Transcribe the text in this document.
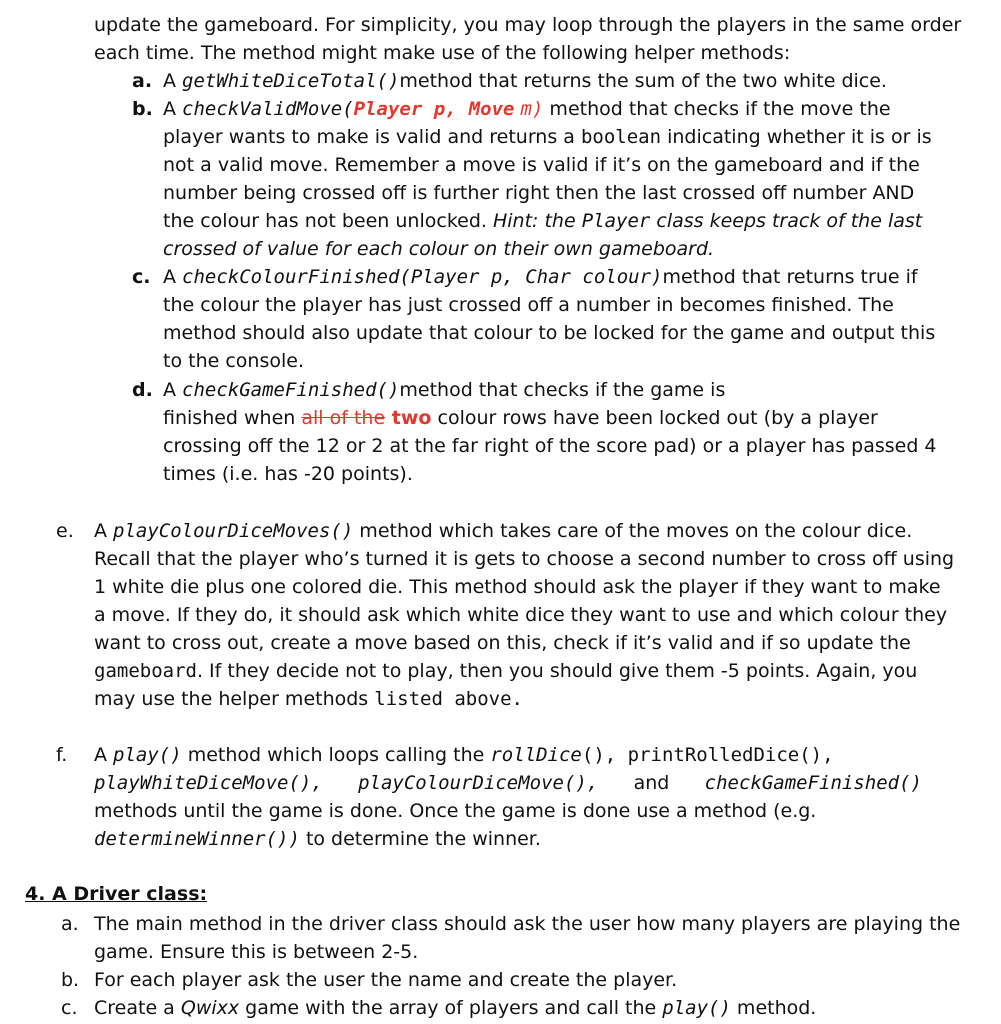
update the gameboard. For simplicity, you may loop through the players in the same order
each time. The method might make use of the following helper methods:
a. A getWhiteDiceTotal()method that returns the sum of the two white dice.
b. A checkValidMove(Player p, Move m) method that checks if the move the
player wants to make is valid and returns a boolean indicating whether it is or is
not a valid move. Remember a move is valid if it’s on the gameboard and if the
number being crossed off is further right then the last crossed off number AND
the colour has not been unlocked. Hint: the Player class keeps track of the last
crossed of value for each colour on their own gameboard.
c. A checkColourFinished(Player p, Char colour)method that returns true if
the colour the player has just crossed off a number in becomes finished. The
method should also update that colour to be locked for the game and output this
to the console.
d. A checkGameFinished()method that checks if the game is
finished when all of the two colour rows have been locked out (by a player
crossing off the 12 or 2 at the far right of the score pad) or a player has passed 4
times (i.e. has -20 points).
e. A playColourDiceMoves() method which takes care of the moves on the colour dice.
Recall that the player who’s turned it is gets to choose a second number to cross off using
1 white die plus one colored die. This method should ask the player if they want to make
a move. If they do, it should ask which white dice they want to use and which colour they
want to cross out, create a move based on this, check if it’s valid and if so update the
gameboard. If they decide not to play, then you should give them -5 points. Again, you
may use the helper methods listed above.
f. A play() method which loops calling the rollDice(), printRolledDice(),
playWhiteDiceMove(), playColourDiceMove(), and checkGameFinished()
methods until the game is done. Once the game is done use a method (e.g.
determineWinner()) to determine the winner.
4. A Driver class:
a. The main method in the driver class should ask the user how many players are playing the
game. Ensure this is between 2-5.
b. For each player ask the user the name and create the player.
c. Create a Qwixx game with the array of players and call the play() method.
